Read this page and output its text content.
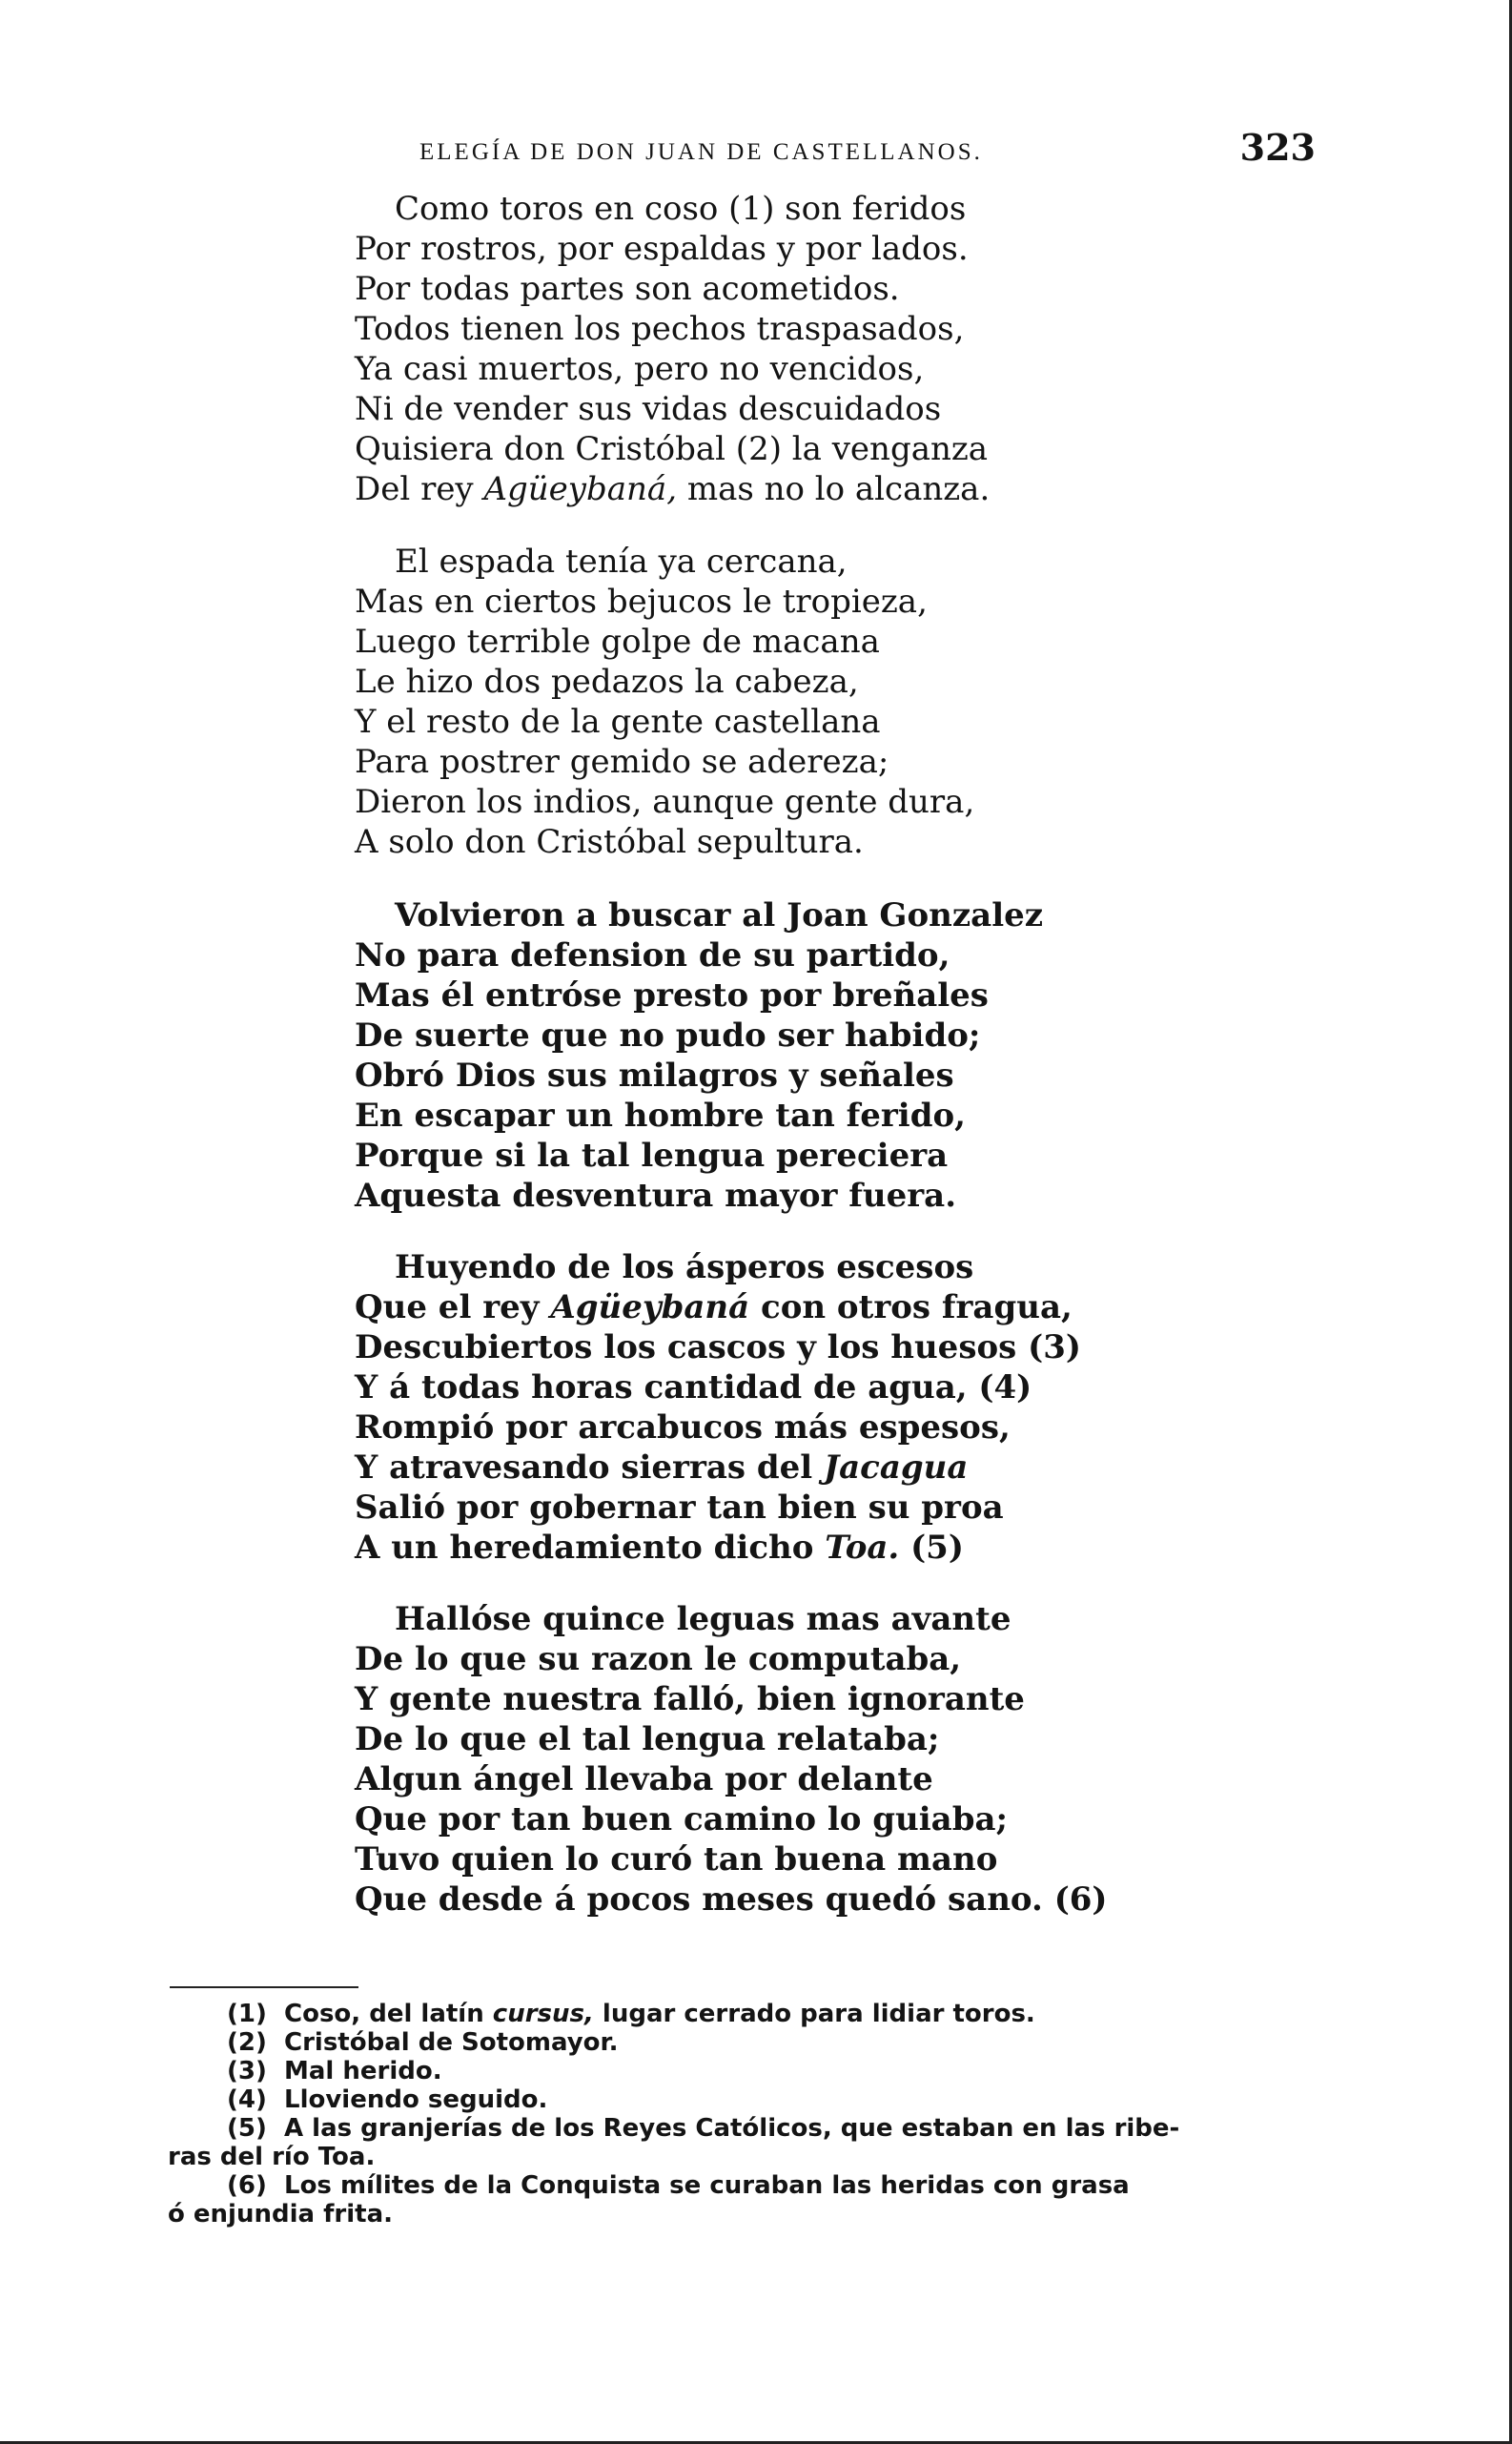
ELEGÍA DE DON JUAN DE CASTELLANOS.	323
Como toros en coso (1) son feridos
Por rostros, por espaldas y por lados.
Por todas partes son acometidos.
Todos tienen los pechos traspasados,
Ya casi muertos, pero no vencidos,
Ni de vender sus vidas descuidados
Quisiera don Cristóbal (2) la venganza
Del rey Agüeybaná, mas no lo alcanza.
El espada tenía ya cercana,
Mas en ciertos bejucos le tropieza,
Luego terrible golpe de macana
Le hizo dos pedazos la cabeza,
Y el resto de la gente castellana
Para postrer gemido se adereza;
Dieron los indios, aunque gente dura,
A solo don Cristóbal sepultura.
Volvieron a buscar al Joan Gonzalez
No para defension de su partido,
Mas él entróse presto por breñales
De suerte que no pudo ser habido;
Obró Dios sus milagros y señales
En escapar un hombre tan ferido,
Porque si la tal lengua pereciera
Aquesta desventura mayor fuera.
Huyendo de los ásperos escesos
Que el rey Agüeybaná con otros fragua,
Descubiertos los cascos y los huesos (3)
Y á todas horas cantidad de agua, (4)
Rompió por arcabucos más espesos,
Y atravesando sierras del Jacagua
Salió por gobernar tan bien su proa
A un heredamiento dicho Toa. (5)
Hallóse quince leguas mas avante
De lo que su razon le computaba,
Y gente nuestra falló, bien ignorante
De lo que el tal lengua relataba;
Algun ángel llevaba por delante
Que por tan buen camino lo guiaba;
Tuvo quien lo curó tan buena mano
Que desde á pocos meses quedó sano. (6)
(1) Coso, del latín cursus, lugar cerrado para lidiar toros.
(2) Cristóbal de Sotomayor.
(3) Mal herido.
(4) Lloviendo seguido.
(5) A las granjerías de los Reyes Católicos, que estaban en las ribe-
ras del río Toa.
(6) Los mílites de la Conquista se curaban las heridas con grasa
ó enjundia frita.
